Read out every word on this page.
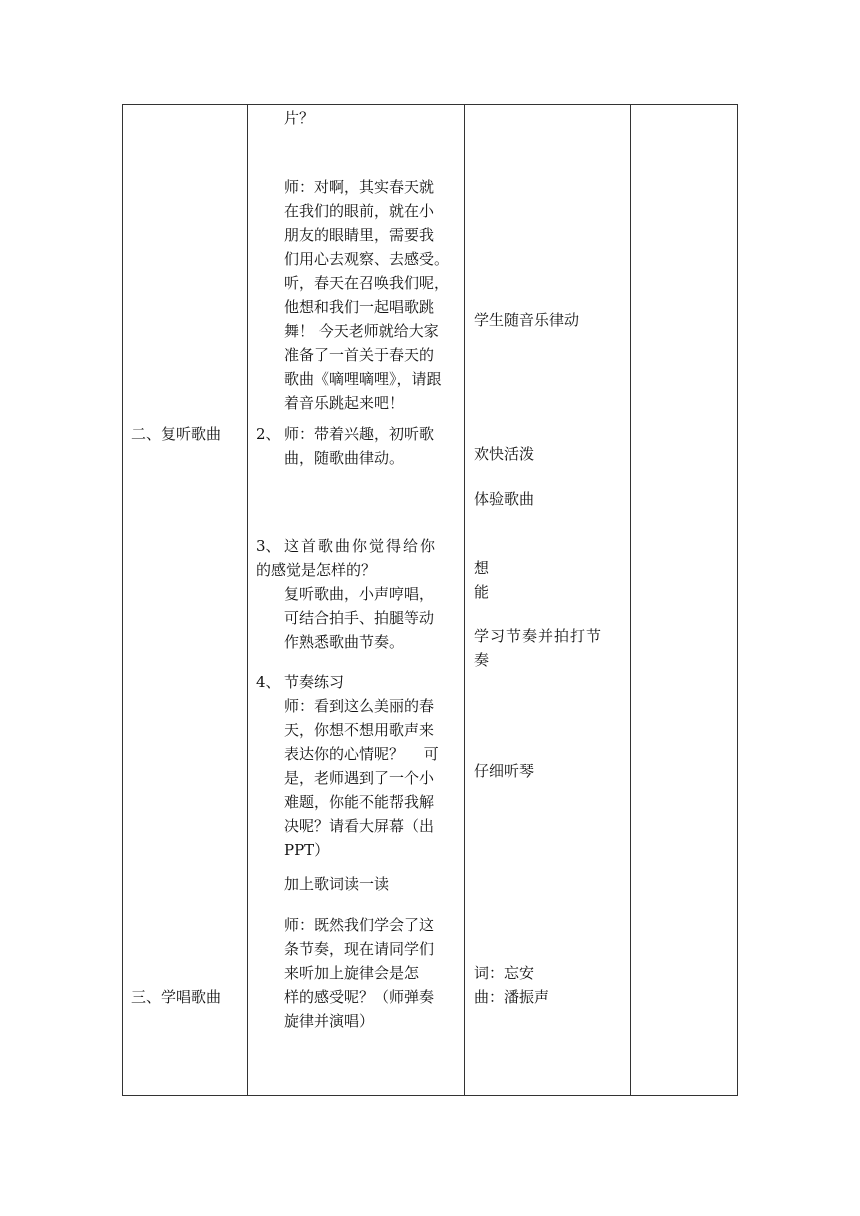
二、复听歌曲
三、学唱歌曲
片？
师：对啊，其实春天就
在我们的眼前，就在小
朋友的眼睛里，需要我
们用心去观察、去感受。
听，春天在召唤我们呢，
他想和我们一起唱歌跳
舞！ 今天老师就给大家
准备了一首关于春天的
歌曲《嘀哩嘀哩》，请跟
着音乐跳起来吧！
2、 师：带着兴趣，初听歌
曲，随歌曲律动。
3、 这首歌曲你觉得给你
的感觉是怎样的？
复听歌曲，小声哼唱，
可结合拍手、拍腿等动
作熟悉歌曲节奏。
4、 节奏练习
师：看到这么美丽的春
天，你想不想用歌声来
表达你的心情呢？　 可
是，老师遇到了一个小
难题，你能不能帮我解
决呢？请看大屏幕（出
PPT）
加上歌词读一读
师：既然我们学会了这
条节奏，现在请同学们
来听加上旋律会是怎
样的感受呢？（师弹奏
旋律并演唱）
学生随音乐律动
欢快活泼
体验歌曲
想
能
学习节奏并拍打节
奏
仔细听琴
词：忘安
曲：潘振声
